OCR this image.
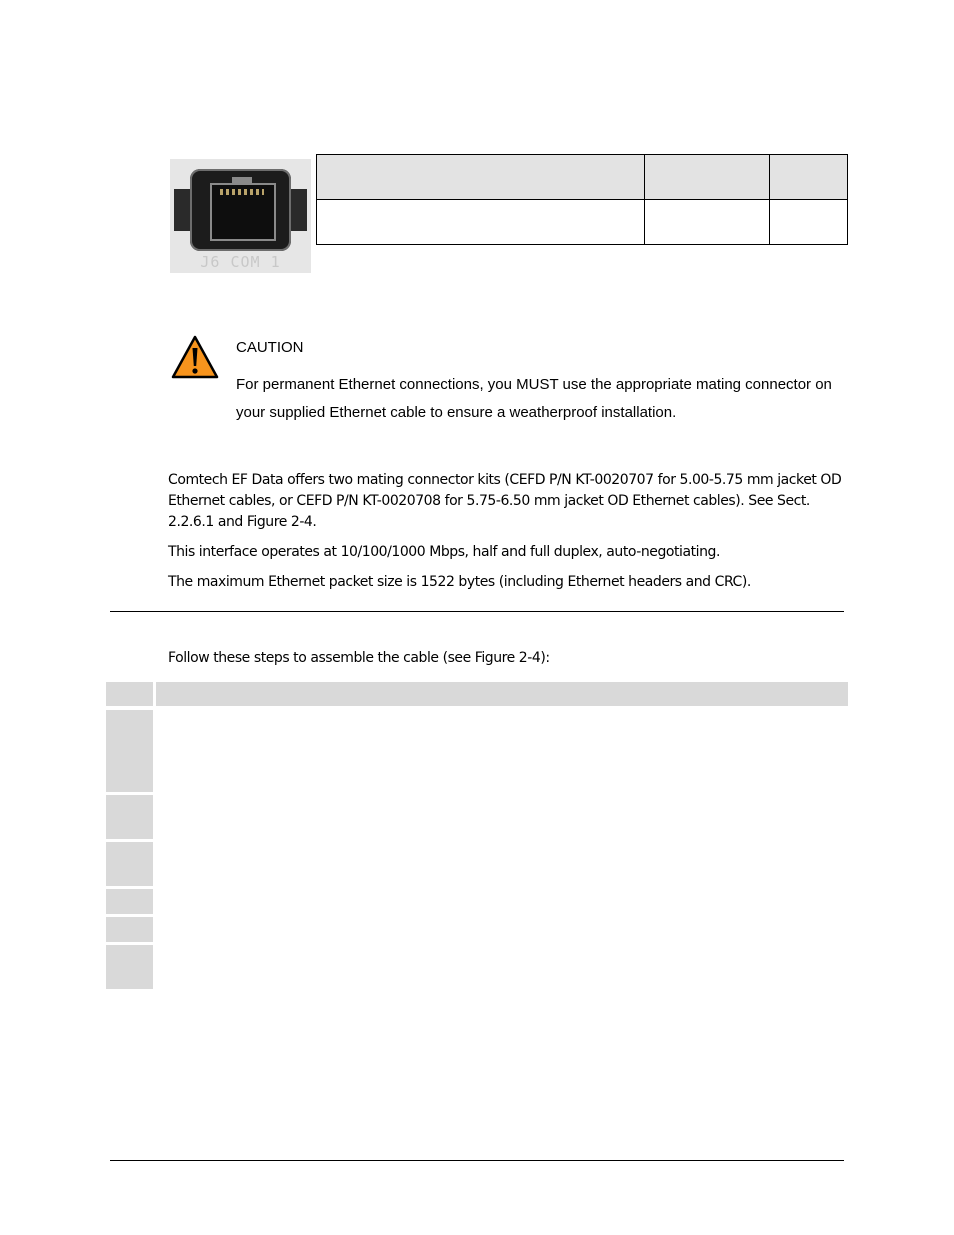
J6 COM 1

CAUTION
For permanent Ethernet connections, you MUST use the appropriate mating connector on your supplied Ethernet cable to ensure a weatherproof installation.
Comtech EF Data offers two mating connector kits (CEFD P/N KT-0020707 for 5.00-5.75 mm jacket OD Ethernet cables, or CEFD P/N KT-0020708 for 5.75-6.50 mm jacket OD Ethernet cables). See Sect. 2.2.6.1 and Figure 2-4.
This interface operates at 10/100/1000 Mbps, half and full duplex, auto-negotiating.
The maximum Ethernet packet size is 1522 bytes (including Ethernet headers and CRC).
Follow these steps to assemble the cable (see Figure 2-4):
